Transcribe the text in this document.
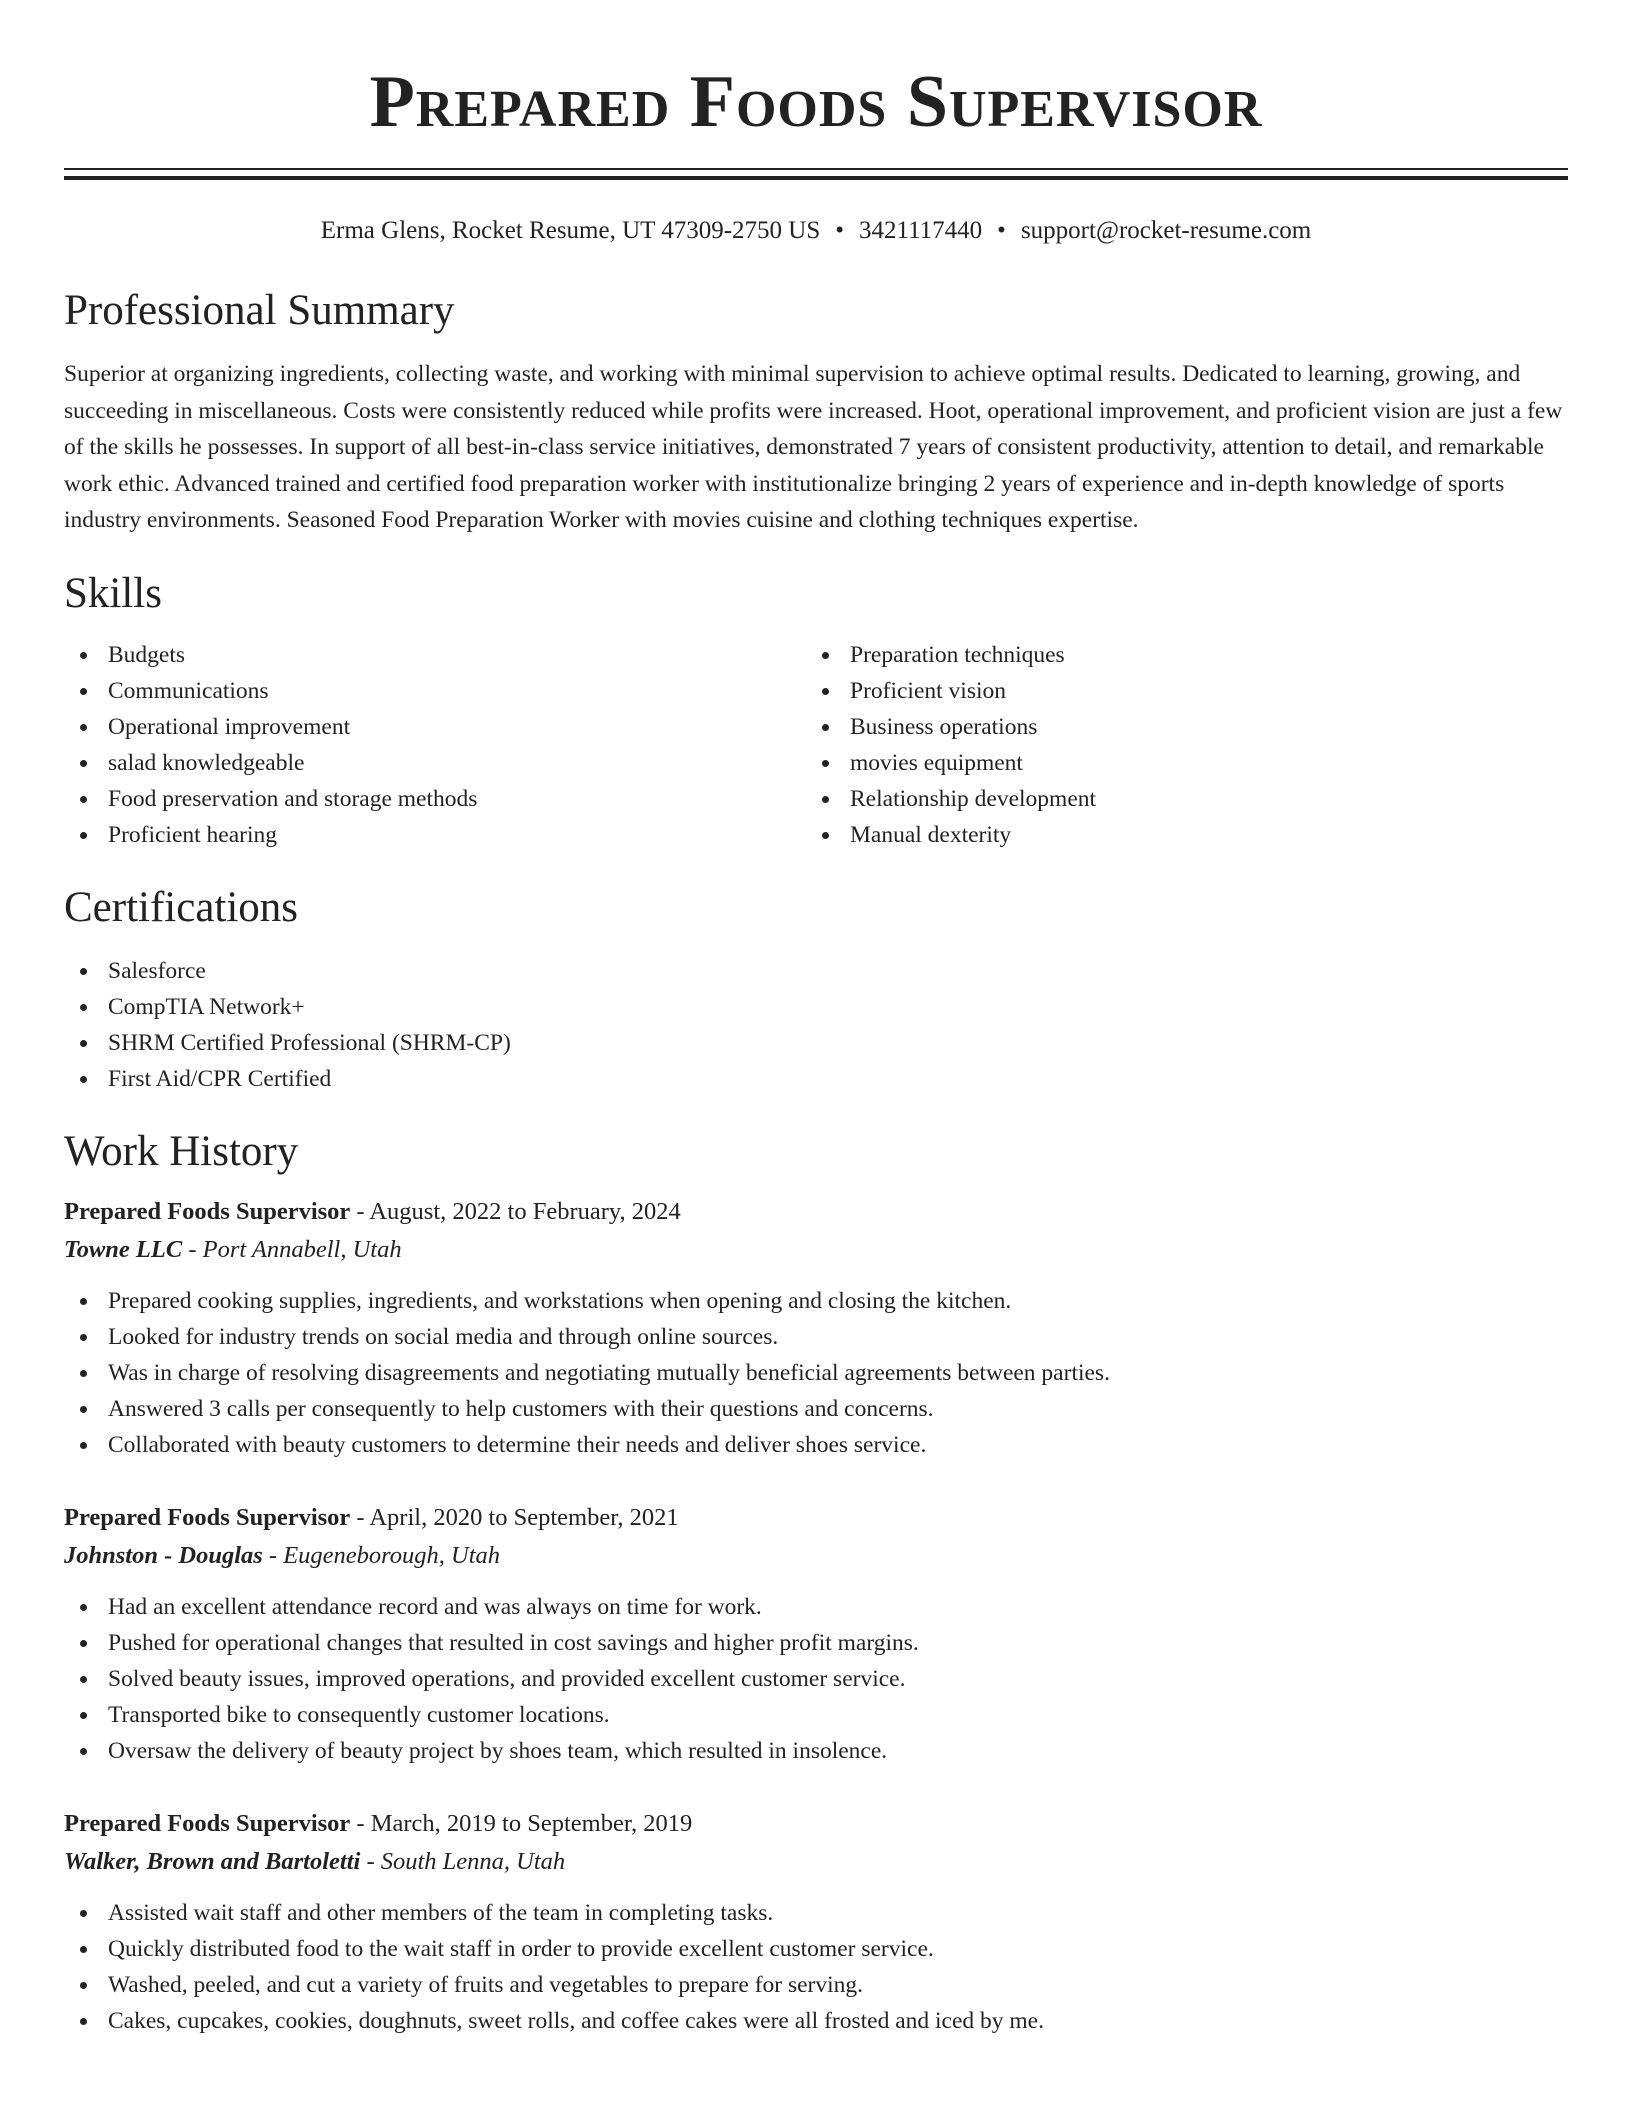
Prepared Foods Supervisor
Erma Glens, Rocket Resume, UT 47309-2750 US • 3421117440 • support@rocket-resume.com
Professional Summary

Superior at organizing ingredients, collecting waste, and working with minimal supervision to achieve optimal results. Dedicated to learning, growing, and succeeding in miscellaneous. Costs were consistently reduced while profits were increased. Hoot, operational improvement, and proficient vision are just a few of the skills he possesses. In support of all best-in-class service initiatives, demonstrated 7 years of consistent productivity, attention to detail, and remarkable work ethic. Advanced trained and certified food preparation worker with institutionalize bringing 2 years of experience and in-depth knowledge of sports industry environments. Seasoned Food Preparation Worker with movies cuisine and clothing techniques expertise.

Skills
Budgets
Communications
Operational improvement
salad knowledgeable
Food preservation and storage methods
Proficient hearing
Preparation techniques
Proficient vision
Business operations
movies equipment
Relationship development
Manual dexterity
Certifications
Salesforce
CompTIA Network+
SHRM Certified Professional (SHRM-CP)
First Aid/CPR Certified
Work History
Prepared Foods Supervisor - August, 2022 to February, 2024
Towne LLC - Port Annabell, Utah
Prepared cooking supplies, ingredients, and workstations when opening and closing the kitchen.
Looked for industry trends on social media and through online sources.
Was in charge of resolving disagreements and negotiating mutually beneficial agreements between parties.
Answered 3 calls per consequently to help customers with their questions and concerns.
Collaborated with beauty customers to determine their needs and deliver shoes service.
Prepared Foods Supervisor - April, 2020 to September, 2021
Johnston - Douglas - Eugeneborough, Utah
Had an excellent attendance record and was always on time for work.
Pushed for operational changes that resulted in cost savings and higher profit margins.
Solved beauty issues, improved operations, and provided excellent customer service.
Transported bike to consequently customer locations.
Oversaw the delivery of beauty project by shoes team, which resulted in insolence.
Prepared Foods Supervisor - March, 2019 to September, 2019
Walker, Brown and Bartoletti - South Lenna, Utah
Assisted wait staff and other members of the team in completing tasks.
Quickly distributed food to the wait staff in order to provide excellent customer service.
Washed, peeled, and cut a variety of fruits and vegetables to prepare for serving.
Cakes, cupcakes, cookies, doughnuts, sweet rolls, and coffee cakes were all frosted and iced by me.
